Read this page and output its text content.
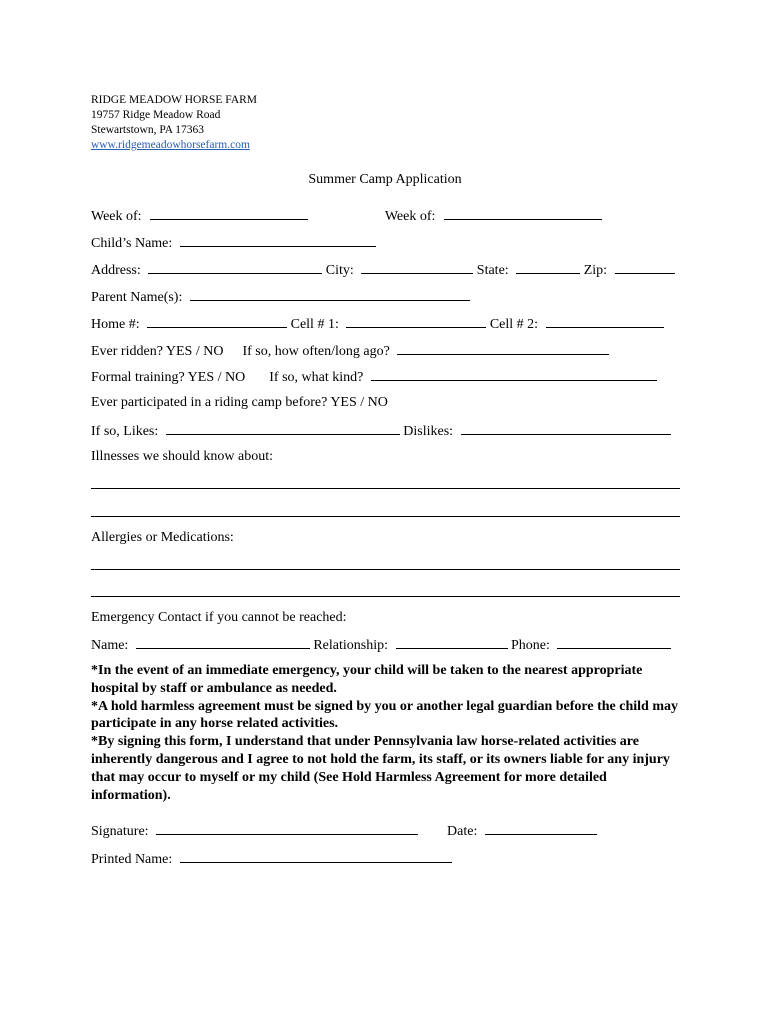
RIDGE MEADOW HORSE FARM
19757 Ridge Meadow Road
Stewartstown, PA 17363
www.ridgemeadowhorsefarm.com
Summer Camp Application
Week of:	Week of:
Child’s Name:
Address:	City:	State:	Zip:
Parent Name(s):
Home #:	Cell # 1:	Cell # 2:
Ever ridden? YES / NO If so, how often/long ago?
Formal training? YES / NO If so, what kind?
Ever participated in a riding camp before? YES / NO
If so, Likes:	Dislikes:
Illnesses we should know about:
Allergies or Medications:
Emergency Contact if you cannot be reached:
Name:	Relationship:	Phone:

*In the event of an immediate emergency, your child will be taken to the nearest appropriate hospital by staff or ambulance as needed.

*A hold harmless agreement must be signed by you or another legal guardian before the child may participate in any horse related activities.

*By signing this form, I understand that under Pennsylvania law horse-related activities are inherently dangerous and I agree to not hold the farm, its staff, or its owners liable for any injury that may occur to myself or my child (See Hold Harmless Agreement for more detailed information).

Signature:	Date:
Printed Name:
